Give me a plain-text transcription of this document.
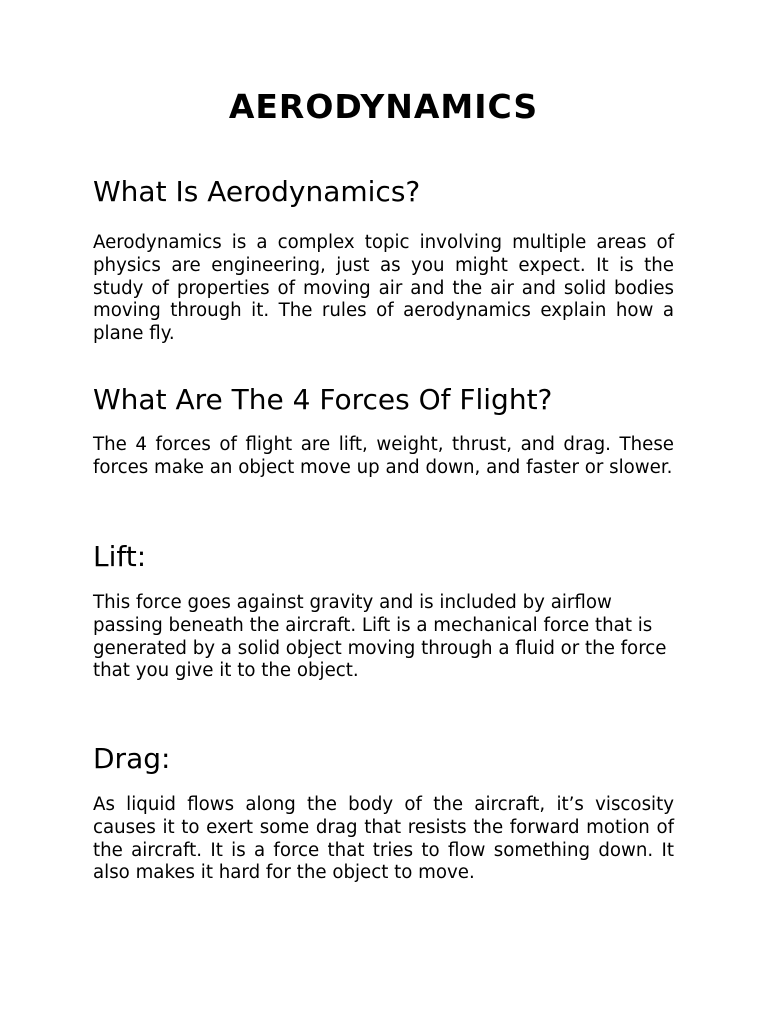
AERODYNAMICS
What Is Aerodynamics?

Aerodynamics is a complex topic involving multiple areas of physics are engineering, just as you might expect. It is the study of properties of moving air and the air and solid bodies moving through it. The rules of aerodynamics explain how a plane fly.

What Are The 4 Forces Of Flight?

The 4 forces of flight are lift, weight, thrust, and drag. These forces make an object move up and down, and faster or slower.

Lift:

This force goes against gravity and is included by airflow passing beneath the aircraft. Lift is a mechanical force that is generated by a solid object moving through a fluid or the force that you give it to the object.

Drag:

As liquid flows along the body of the aircraft, it’s viscosity causes it to exert some drag that resists the forward motion of the aircraft. It is a force that tries to flow something down. It also makes it hard for the object to move.
